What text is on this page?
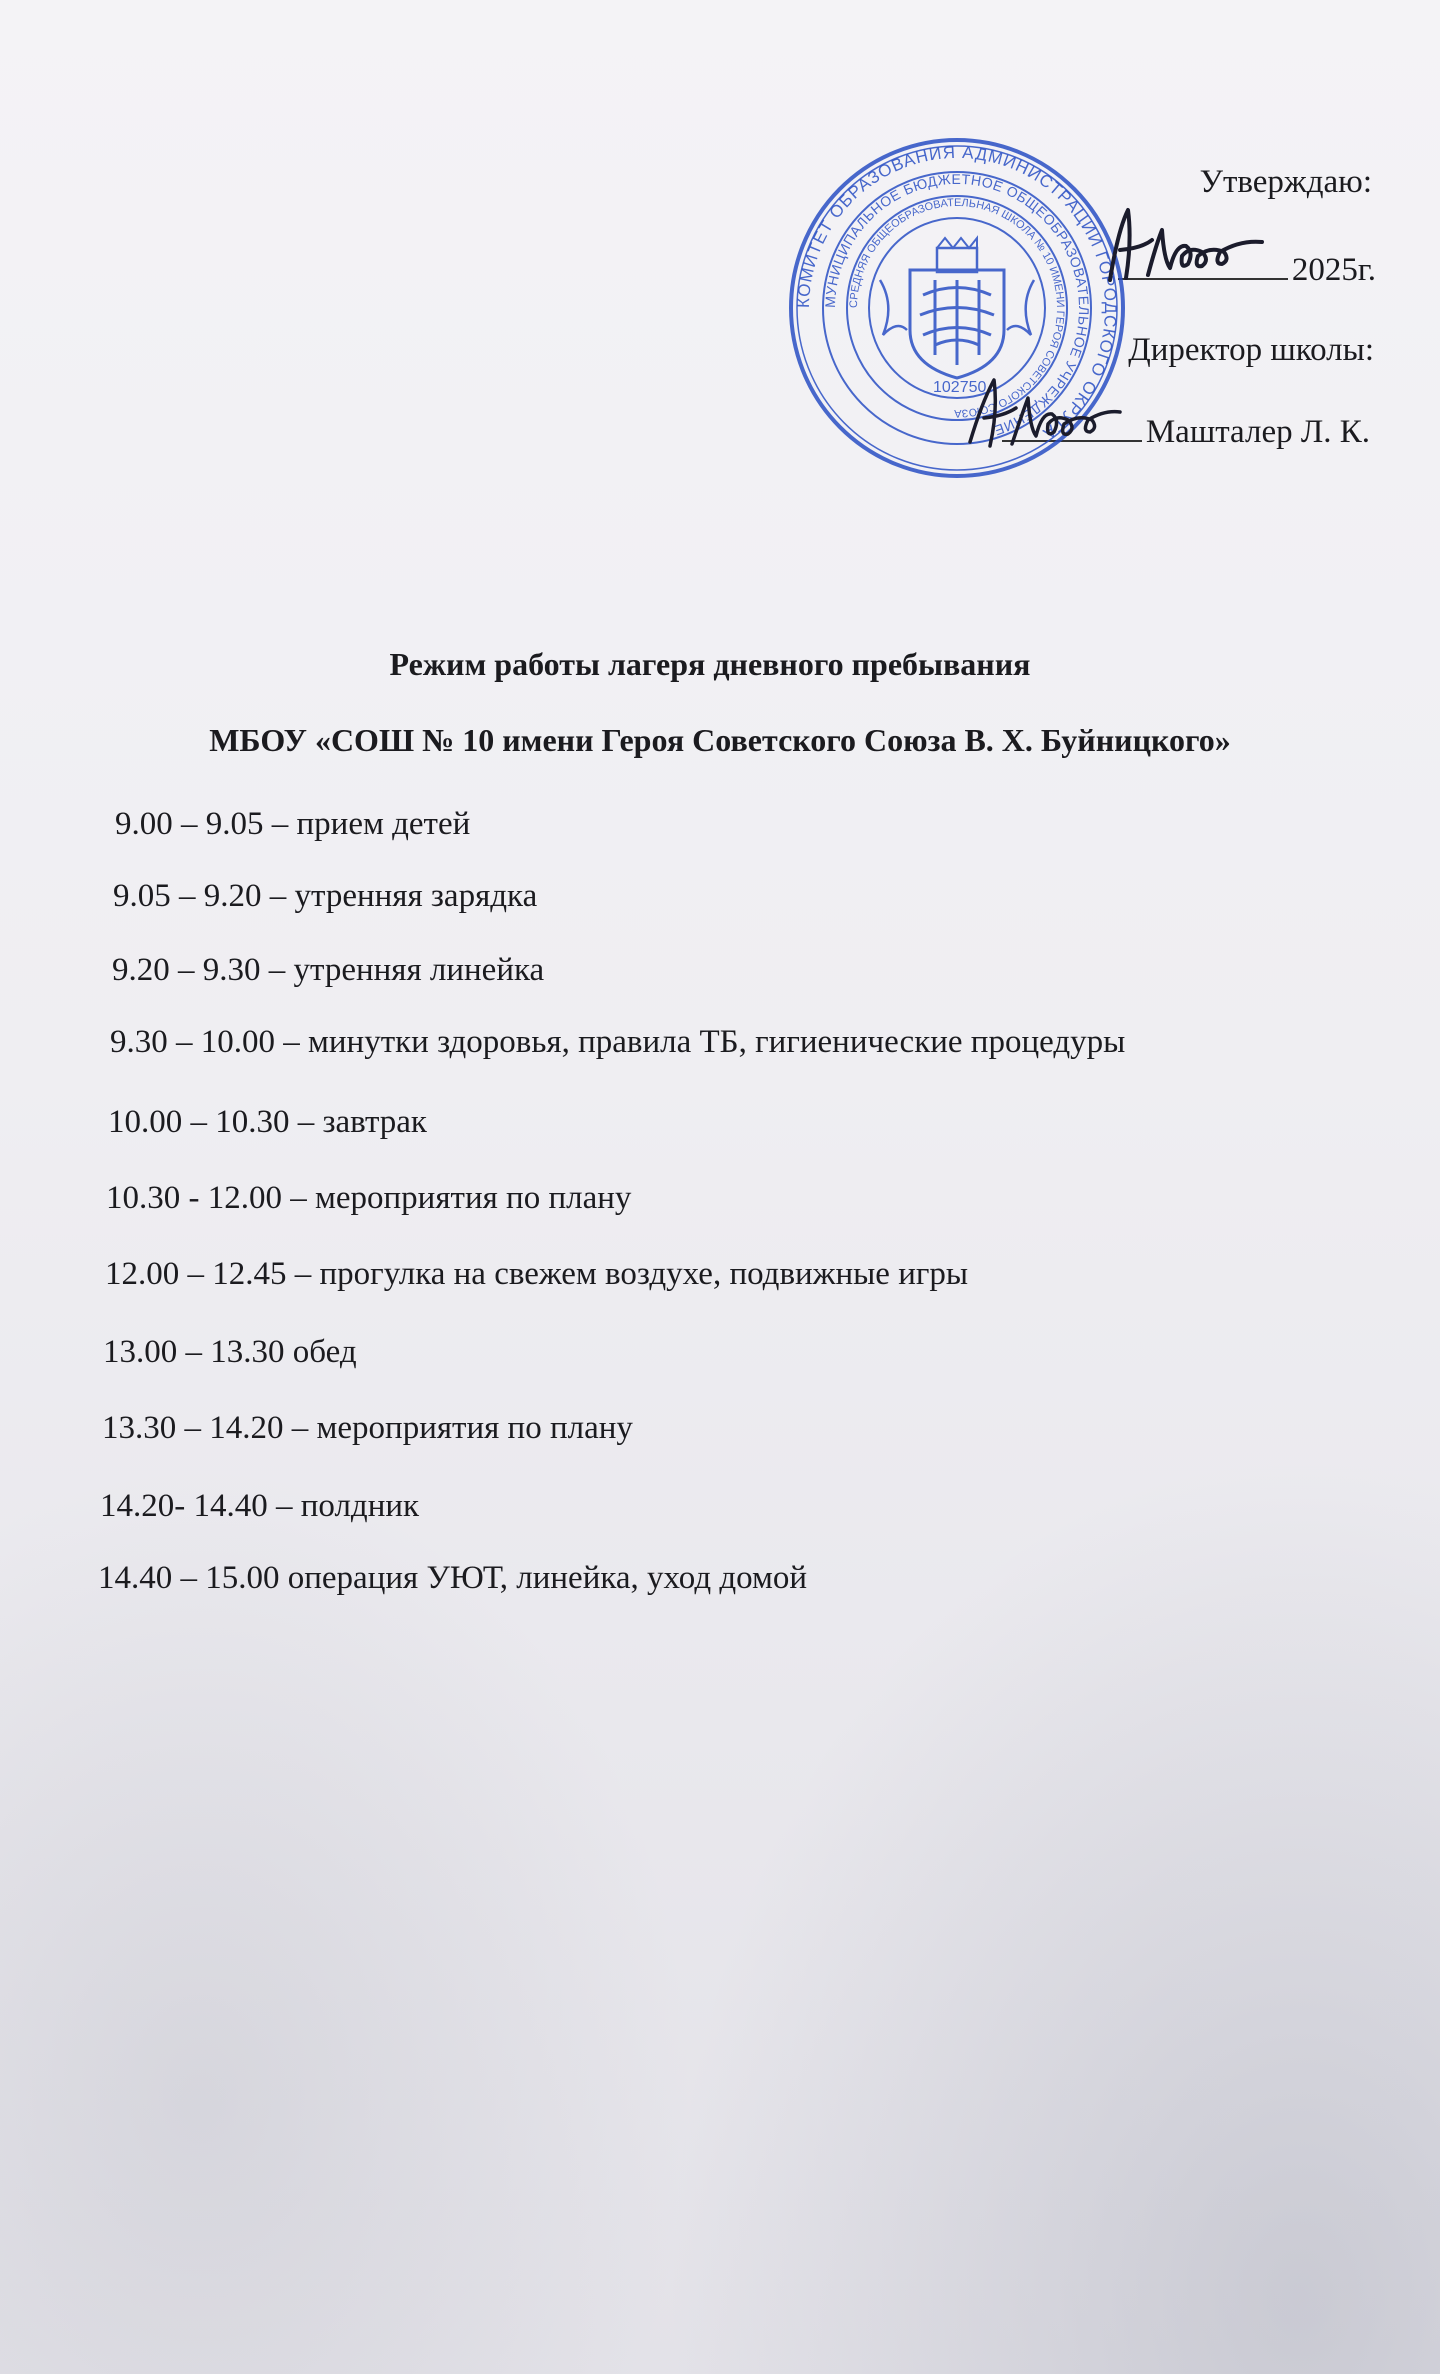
Утверждаю:
2025г.
Директор школы:
Машталер Л. К.
КОМИТЕТ ОБРАЗОВАНИЯ АДМИНИСТРАЦИИ ГОРОДСКОГО ОКРУГА
МУНИЦИПАЛЬНОЕ БЮДЖЕТНОЕ ОБЩЕОБРАЗОВАТЕЛЬНОЕ УЧРЕЖДЕНИЕ
СРЕДНЯЯ ОБЩЕОБРАЗОВАТЕЛЬНАЯ ШКОЛА № 10 ИМЕНИ ГЕРОЯ СОВЕТСКОГО СОЮЗА
102750
Режим работы лагеря дневного пребывания
МБОУ «СОШ № 10 имени Героя Советского Союза В. Х. Буйницкого»
9.00 – 9.05 – прием детей
9.05 – 9.20 – утренняя зарядка
9.20 – 9.30 – утренняя линейка
9.30 – 10.00 – минутки здоровья, правила ТБ, гигиенические процедуры
10.00 – 10.30 – завтрак
10.30 - 12.00 – мероприятия по плану
12.00 – 12.45 – прогулка на свежем воздухе, подвижные игры
13.00 – 13.30 обед
13.30 – 14.20 – мероприятия по плану
14.20- 14.40 – полдник
14.40 – 15.00 операция УЮТ, линейка, уход домой
